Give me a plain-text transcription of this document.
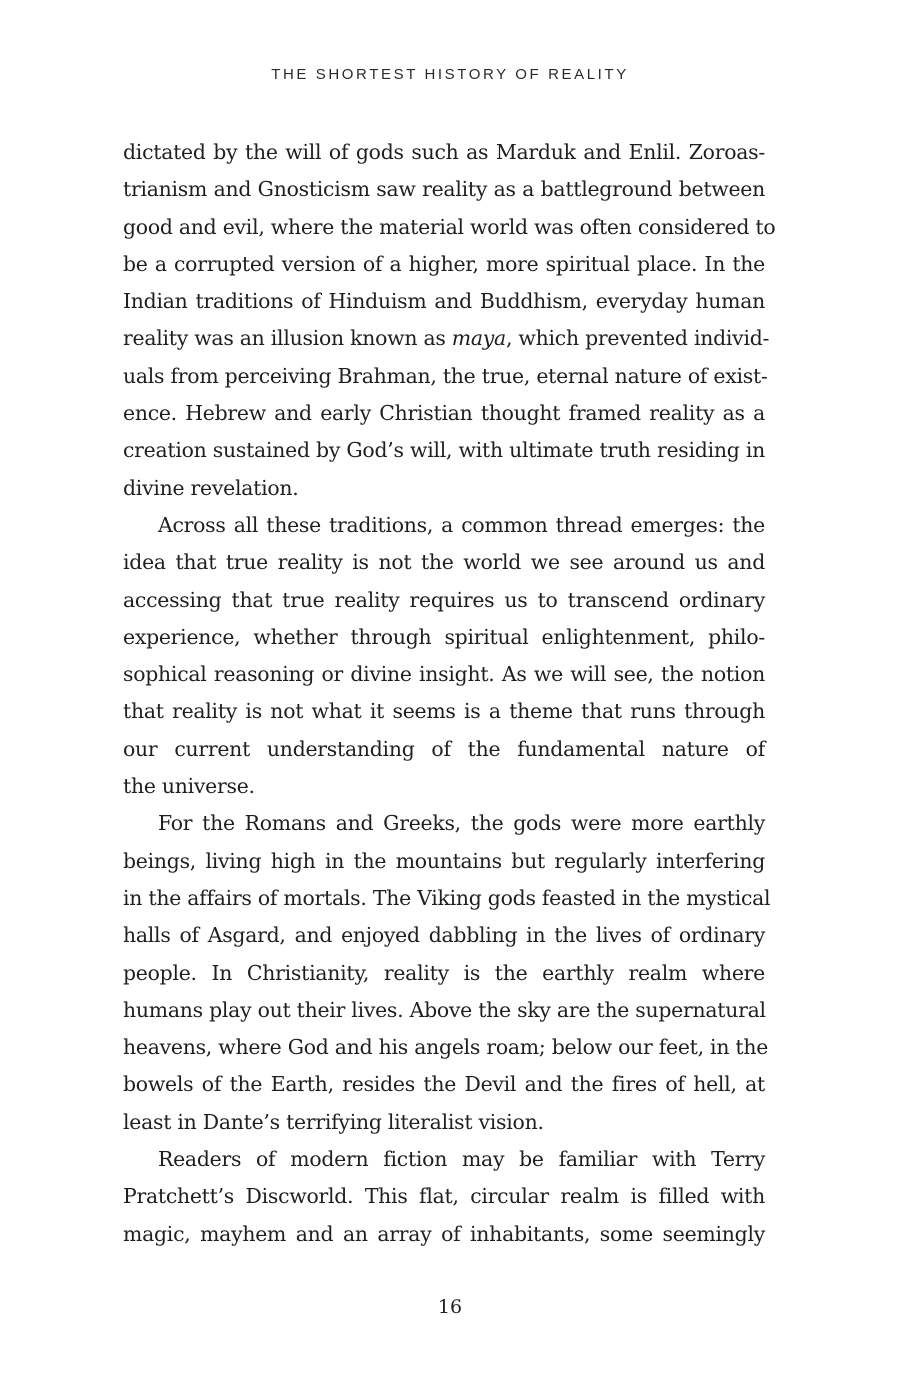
THE SHORTEST HISTORY OF REALITY
dictated by the will of gods such as Marduk and Enlil. Zoroas-
trianism and Gnosticism saw reality as a battleground between
good and evil, where the material world was often considered to
be a corrupted version of a higher, more spiritual place. In the
Indian traditions of Hinduism and Buddhism, everyday human
reality was an illusion known as maya, which prevented individ-
uals from perceiving Brahman, the true, eternal nature of exist-
ence. Hebrew and early Christian thought framed reality as a
creation sustained by God’s will, with ultimate truth residing in
divine revelation.
Across all these traditions, a common thread emerges: the
idea that true reality is not the world we see around us and
accessing that true reality requires us to transcend ordinary
experience, whether through spiritual enlightenment, philo-
sophical reasoning or divine insight. As we will see, the notion
that reality is not what it seems is a theme that runs through
our current understanding of the fundamental nature of
the universe.
For the Romans and Greeks, the gods were more earthly
beings, living high in the mountains but regularly interfering
in the affairs of mortals. The Viking gods feasted in the mystical
halls of Asgard, and enjoyed dabbling in the lives of ordinary
people. In Christianity, reality is the earthly realm where
humans play out their lives. Above the sky are the supernatural
heavens, where God and his angels roam; below our feet, in the
bowels of the Earth, resides the Devil and the fires of hell, at
least in Dante’s terrifying literalist vision.
Readers of modern fiction may be familiar with Terry
Pratchett’s Discworld. This flat, circular realm is filled with
magic, mayhem and an array of inhabitants, some seemingly
16
